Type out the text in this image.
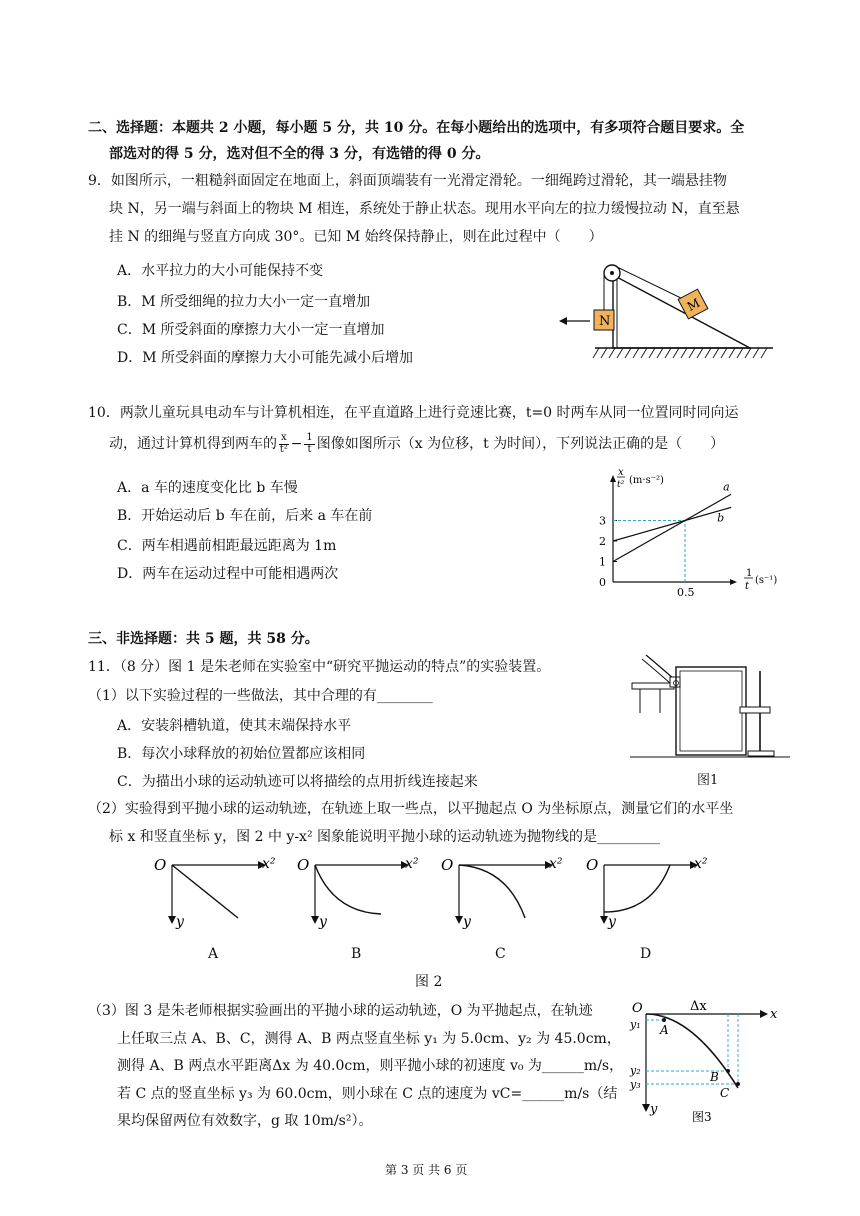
二、选择题：本题共 2 小题，每小题 5 分，共 10 分。在每小题给出的选项中，有多项符合题目要求。全
部选对的得 5 分，选对但不全的得 3 分，有选错的得 0 分。
9．如图所示，一粗糙斜面固定在地面上，斜面顶端装有一光滑定滑轮。一细绳跨过滑轮，其一端悬挂物
块 N，另一端与斜面上的物块 M 相连，系统处于静止状态。现用水平向左的拉力缓慢拉动 N，直至悬
挂 N 的细绳与竖直方向成 30°。已知 M 始终保持静止，则在此过程中（　　）
A．水平拉力的大小可能保持不变
B．M 所受细绳的拉力大小一定一直增加
C．M 所受斜面的摩擦力大小一定一直增加
D．M 所受斜面的摩擦力大小可能先减小后增加
N
M
10．两款儿童玩具电动车与计算机相连，在平直道路上进行竞速比赛，t=0 时两车从同一位置同时同向运
动，通过计算机得到两车的 $\frac{x}{\text{t²}} - \frac{1}{t}$ 图像如图所示（x 为位移，t 为时间），下列说法正确的是（　　）
A．a 车的速度变化比 b 车慢
B．开始运动后 b 车在前，后来 a 车在前
C．两车相遇前相距最远距离为 1m
D．两车在运动过程中可能相遇两次
0
1
2
3
0.5
a
b
x
t² (m·s⁻²)
1
t
(s⁻¹)
三、非选择题：共 5 题，共 58 分。
11．（8 分）图 1 是朱老师在实验室中“研究平抛运动的特点”的实验装置。
（1）以下实验过程的一些做法，其中合理的有________
A．安装斜槽轨道，使其末端保持水平
B．每次小球释放的初始位置都应该相同
C．为描出小球的运动轨迹可以将描绘的点用折线连接起来	图1
（2）实验得到平抛小球的运动轨迹，在轨迹上取一些点，以平抛起点 O 为坐标原点，测量它们的水平坐
标 x 和竖直坐标 y，图 2 中 y-x² 图象能说明平抛小球的运动轨迹为抛物线的是_________
O	x²
y
O	x²
y
O	x²
y
O	x²
y
A	B	C	D
图 2
（3）图 3 是朱老师根据实验画出的平抛小球的运动轨迹，O 为平抛起点，在轨迹
上任取三点 A、B、C，测得 A、B 两点竖直坐标 y₁ 为 5.0cm、y₂ 为 45.0cm，
测得 A、B 两点水平距离Δx 为 40.0cm，则平抛小球的初速度 v₀ 为______m/s，
若 C 点的竖直坐标 y₃ 为 60.0cm，则小球在 C 点的速度为 vC=______m/s（结
果均保留两位有效数字，g 取 10m/s²）。
O	Δx
x
y
y₁
y₂
y₃
A
B
C
图3
第 3 页 共 6 页
